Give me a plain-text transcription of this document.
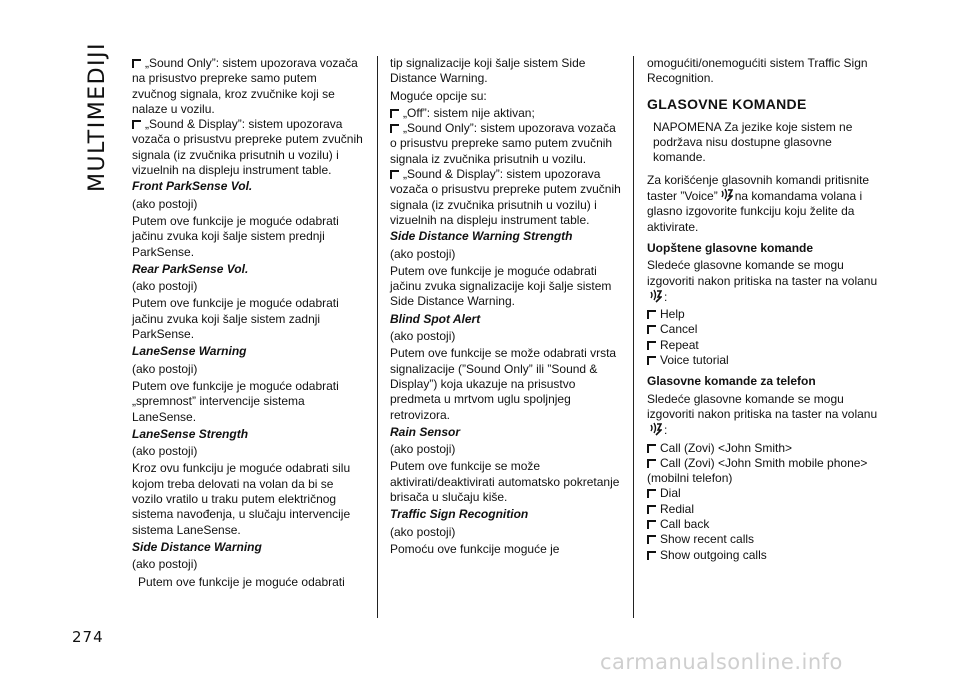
MULTIMEDIJI
274
carmanualsonline.info

„Sound Only”: sistem upozorava vozača na prisustvo prepreke samo putem zvučnog signala, kroz zvučnike koji se nalaze u vozilu.

„Sound & Display”: sistem upozorava vozača o prisustvu prepreke putem zvučnih signala (iz zvučnika prisutnih u vozilu) i vizuelnih na displeju instrument table.

Front ParkSense Vol.

(ako postoji)

Putem ove funkcije je moguće odabrati jačinu zvuka koji šalje sistem prednji ParkSense.

Rear ParkSense Vol.

(ako postoji)

Putem ove funkcije je moguće odabrati jačinu zvuka koji šalje sistem zadnji ParkSense.

LaneSense Warning

(ako postoji)

Putem ove funkcije je moguće odabrati „spremnost” intervencije sistema LaneSense.

LaneSense Strength

(ako postoji)

Kroz ovu funkciju je moguće odabrati silu kojom treba delovati na volan da bi se vozilo vratilo u traku putem električnog sistema navođenja, u slučaju intervencije sistema LaneSense.

Side Distance Warning

(ako postoji)

Putem ove funkcije je moguće odabrati

tip signalizacije koji šalje sistem Side Distance Warning.

Moguće opcije su:

„Off”: sistem nije aktivan;

„Sound Only”: sistem upozorava vozača o prisustvu prepreke samo putem zvučnih signala iz zvučnika prisutnih u vozilu.

„Sound & Display”: sistem upozorava vozača o prisustvu prepreke putem zvučnih signala (iz zvučnika prisutnih u vozilu) i vizuelnih na displeju instrument table.

Side Distance Warning Strength

(ako postoji)

Putem ove funkcije je moguće odabrati jačinu zvuka signalizacije koji šalje sistem Side Distance Warning.

Blind Spot Alert

(ako postoji)

Putem ove funkcije se može odabrati vrsta signalizacije (”Sound Only” ili ”Sound & Display”) koja ukazuje na prisustvo predmeta u mrtvom uglu spoljnjeg retrovizora.

Rain Sensor

(ako postoji)

Putem ove funkcije se može aktivirati/deaktivirati automatsko pokretanje brisača u slučaju kiše.

Traffic Sign Recognition

(ako postoji)

Pomoću ove funkcije moguće je

omogućiti/onemogućiti sistem Traffic Sign Recognition.

GLASOVNE KOMANDE

NAPOMENA Za jezike koje sistem ne podržava nisu dostupne glasovne komande.

Za korišćenje glasovnih komandi pritisnite taster ”Voice” na komandama volana i glasno izgovorite funkciju koju želite da aktivirate.

Uopštene glasovne komande

Sledeće glasovne komande se mogu izgovoriti nakon pritiska na taster na volanu:

Help

Cancel

Repeat

Voice tutorial

Glasovne komande za telefon

Sledeće glasovne komande se mogu izgovoriti nakon pritiska na taster na volanu:

Call (Zovi) <John Smith>

Call (Zovi) <John Smith mobile phone> (mobilni telefon)

Dial

Redial

Call back

Show recent calls

Show outgoing calls
